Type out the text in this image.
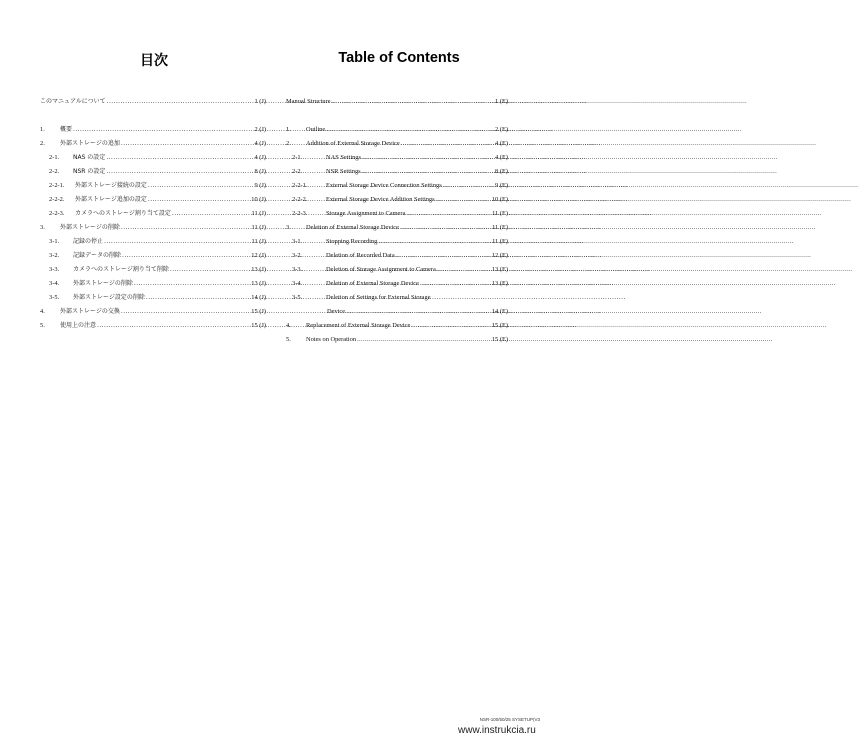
目次	Table of Contents
このマニュアルについて .....	1 (J)
1.	概要 .....	2 (J)
2.	外部ストレージの追加 .....	4 (J)
2-1.	NAS の設定 .....	4 (J)
2-2.	NSR の設定 .....	8 (J)
2-2-1.	外部ストレージ接続の設定 .....	9 (J)
2-2-2.	外部ストレージ追加の設定 .....	10 (J)
2-2-3.	カメラへのストレージ割り当て設定 .....	11 (J)
3.	外部ストレージの削除 .....	11 (J)
3-1.	記録の停止 .....	11 (J)
3-2.	記録データの削除 .....	12 (J)
3-3.	カメラへのストレージ割り当て削除 .....	13 (J)
3-4.	外部ストレージの削除 .....	13 (J)
3-5.	外部ストレージ設定の削除 .....	14 (J)
4.	外部ストレージの交換 .....	15 (J)
5.	使用上の注意 .....	15 (J)
Manual Structure .....	1 (E)
1.	Outline .....	2 (E)
2.	Addition of External Storage Device .....	4 (E)
2-1.	NAS Settings .....	4 (E)
2-2.	NSR Settings .....	8 (E)
2-2-1.	External Storage Device Connection Settings .....	9 (E)
2-2-2.	External Storage Device Addition Settings .....	10 (E)
2-2-3.	Storage Assignment to Camera .....	11 (E)
3.	Deletion of External Storage Device .....	11 (E)
3-1.	Stopping Recording .....	11 (E)
3-2.	Deletion of Recorded Data .....	12 (E)
3-3.	Deletion of Storage Assignment to Camera .....	13 (E)
3-4.	Deletion of External Storage Device .....	13 (E)
3-5.	Deletion of Settings for External Storage
Device .....	14 (E)
4.	Replacement of External Storage Device .....	15 (E)
5.	Notes on Operation .....	15 (E)
NSR-100/50/25 SYSETUP(V3
www.instrukcia.ru
